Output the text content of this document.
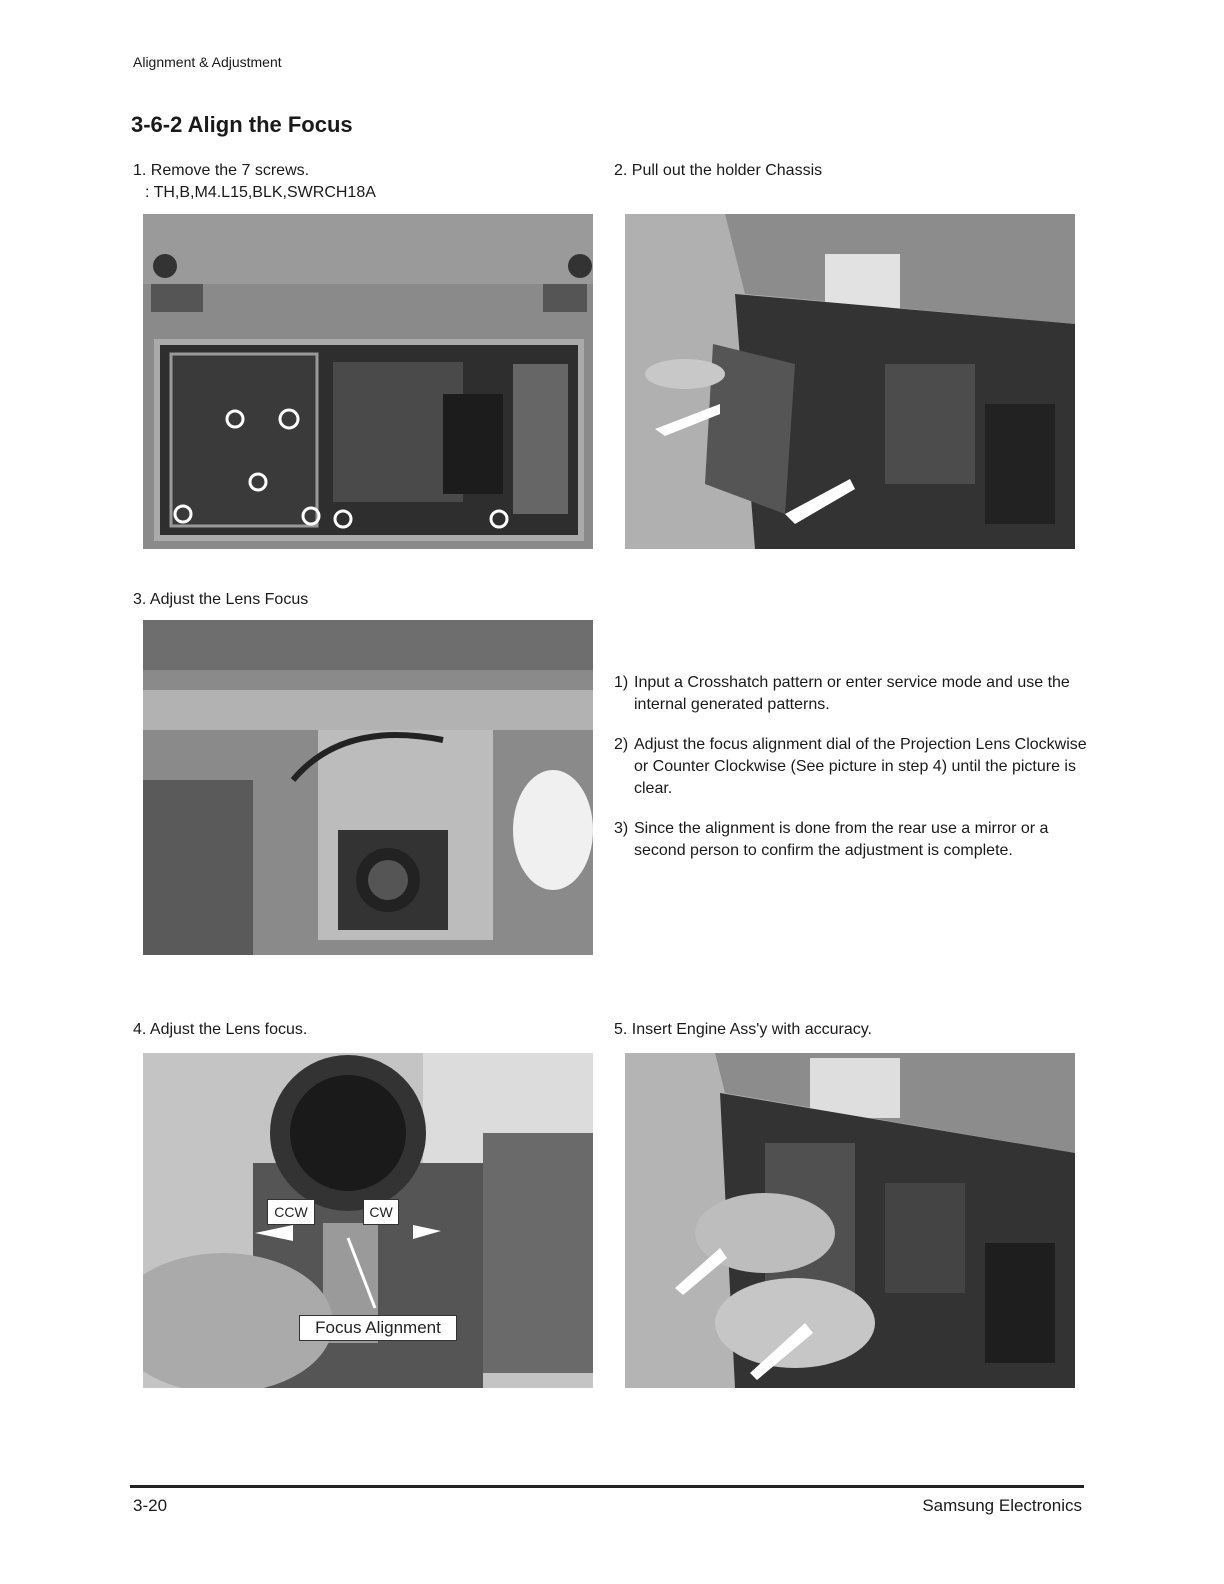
Alignment & Adjustment
3-6-2 Align the Focus
1. Remove the 7 screws.
: TH,B,M4.L15,BLK,SWRCH18A
2. Pull out the holder Chassis
3. Adjust the Lens Focus
1) Input a Crosshatch pattern or enter service mode and use the internal generated patterns.
2) Adjust the focus alignment dial of the Projection Lens Clockwise or Counter Clockwise (See picture in step 4) until the picture is clear.
3) Since the alignment is done from the rear use a mirror or a second person to confirm the adjustment is complete.
4. Adjust the Lens focus.
CCW	CW
Focus Alignment
5. Insert Engine Ass'y with accuracy.
3-20	Samsung Electronics
